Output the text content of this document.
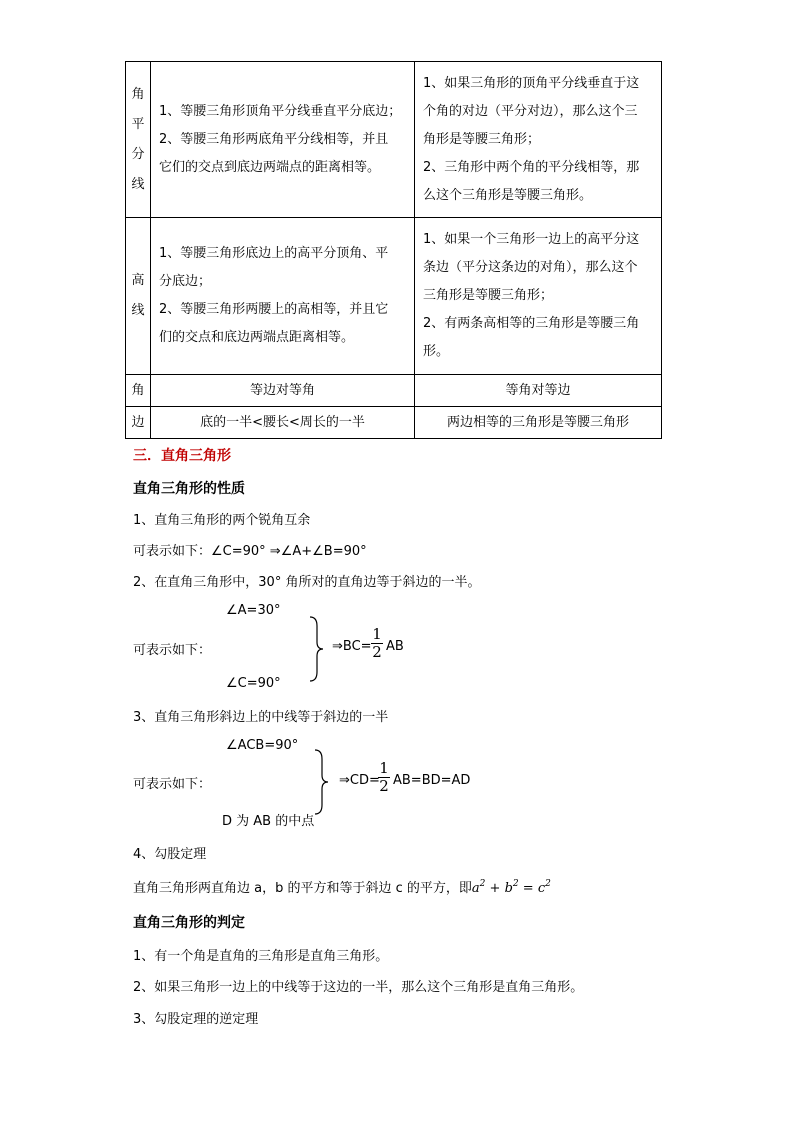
角
平
分
线	1、等腰三角形顶角平分线垂直平分底边；
2、等腰三角形两底角平分线相等，并且
它们的交点到底边两端点的距离相等。	1、如果三角形的顶角平分线垂直于这
个角的对边（平分对边），那么这个三
角形是等腰三角形；
2、三角形中两个角的平分线相等，那
么这个三角形是等腰三角形。

高
线	1、等腰三角形底边上的高平分顶角、平
分底边；
2、等腰三角形两腰上的高相等，并且它
们的交点和底边两端点距离相等。	1、如果一个三角形一边上的高平分这
条边（平分这条边的对角），那么这个
三角形是等腰三角形；
2、有两条高相等的三角形是等腰三角
形。

角	等边对等角	等角对等边
边	底的一半<腰长<周长的一半	两边相等的三角形是等腰三角形
三．直角三角形
直角三角形的性质
1、直角三角形的两个锐角互余
可表示如下：∠C=90° ⇒∠A+∠B=90°
2、在直角三角形中，30° 角所对的直角边等于斜边的一半。
∠A=30°
可表示如下：	⇒BC=
1
2 AB
∠C=90°
3、直角三角形斜边上的中线等于斜边的一半
∠ACB=90°
可表示如下：	⇒CD=
1
2 AB=BD=AD
D 为 AB 的中点
4、勾股定理
直角三角形两直角边 a，b 的平方和等于斜边 c 的平方，即$a^2 + b^2 = c^2$
直角三角形的判定
1、有一个角是直角的三角形是直角三角形。
2、如果三角形一边上的中线等于这边的一半，那么这个三角形是直角三角形。
3、勾股定理的逆定理
